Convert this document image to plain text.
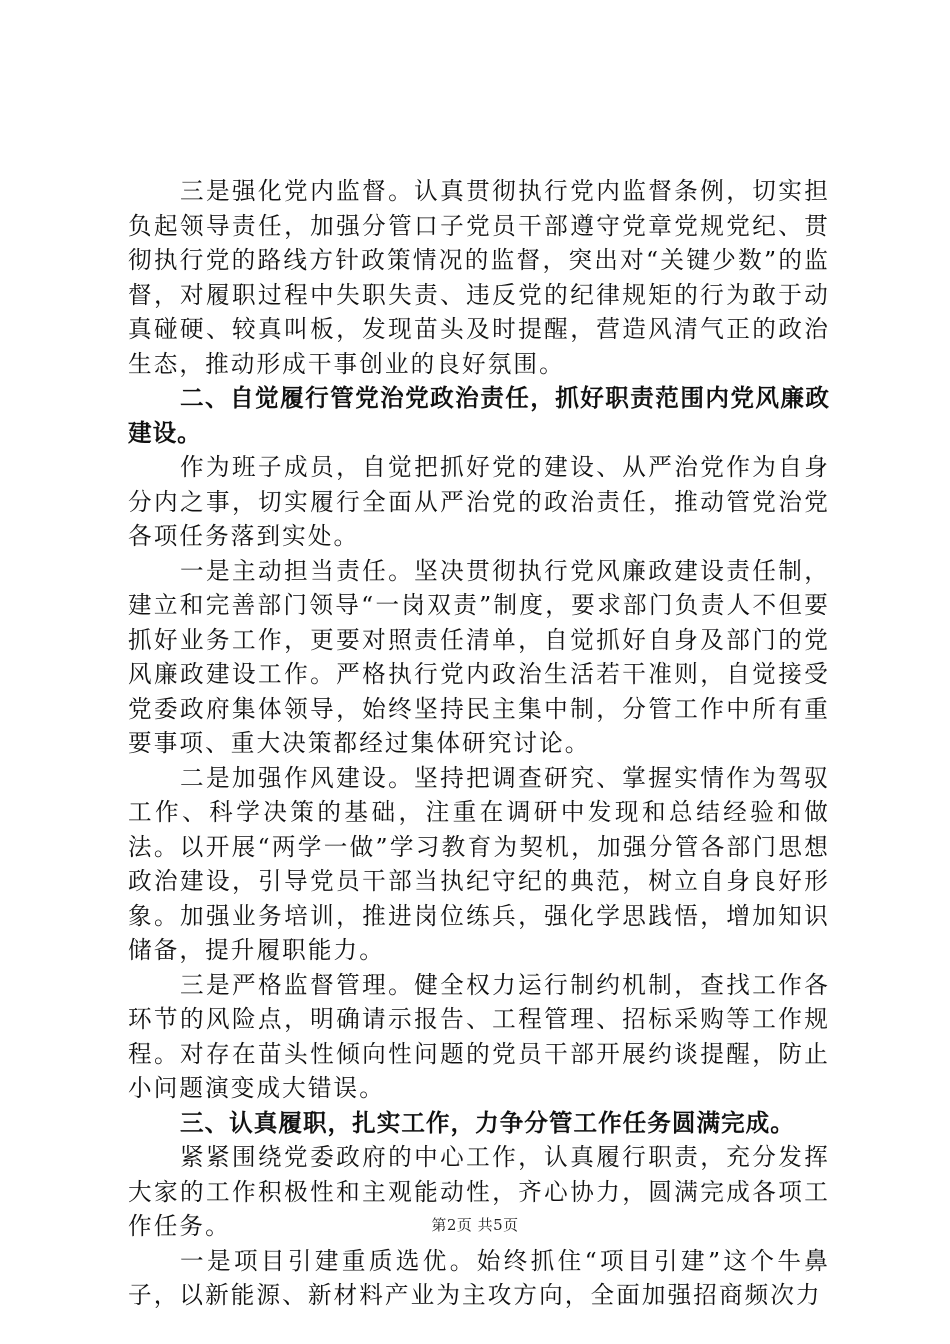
三是强化党内监督。认真贯彻执行党内监督条例，切实担负起领导责任，加强分管口子党员干部遵守党章党规党纪、贯彻执行党的路线方针政策情况的监督，突出对“关键少数”的监督，对履职过程中失职失责、违反党的纪律规矩的行为敢于动真碰硬、较真叫板，发现苗头及时提醒，营造风清气正的政治生态，推动形成干事创业的良好氛围。

二、自觉履行管党治党政治责任，抓好职责范围内党风廉政建设。

作为班子成员，自觉把抓好党的建设、从严治党作为自身分内之事，切实履行全面从严治党的政治责任，推动管党治党各项任务落到实处。

一是主动担当责任。坚决贯彻执行党风廉政建设责任制，建立和完善部门领导“一岗双责”制度，要求部门负责人不但要抓好业务工作，更要对照责任清单，自觉抓好自身及部门的党风廉政建设工作。严格执行党内政治生活若干准则，自觉接受党委政府集体领导，始终坚持民主集中制，分管工作中所有重要事项、重大决策都经过集体研究讨论。

二是加强作风建设。坚持把调查研究、掌握实情作为驾驭工作、科学决策的基础，注重在调研中发现和总结经验和做法。以开展“两学一做”学习教育为契机，加强分管各部门思想政治建设，引导党员干部当执纪守纪的典范，树立自身良好形象。加强业务培训，推进岗位练兵，强化学思践悟，增加知识储备，提升履职能力。

三是严格监督管理。健全权力运行制约机制，查找工作各环节的风险点，明确请示报告、工程管理、招标采购等工作规程。对存在苗头性倾向性问题的党员干部开展约谈提醒，防止小问题演变成大错误。

三、认真履职，扎实工作，力争分管工作任务圆满完成。

紧紧围绕党委政府的中心工作，认真履行职责，充分发挥大家的工作积极性和主观能动性，齐心协力，圆满完成各项工作任务。

一是项目引建重质选优。始终抓住“项目引建”这个牛鼻子，以新能源、新材料产业为主攻方向，全面加强招商频次力

第2页 共5页
